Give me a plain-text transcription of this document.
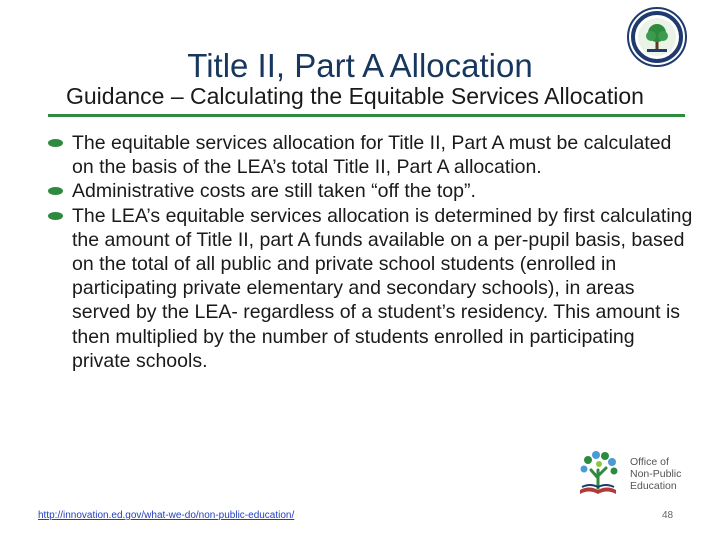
Title II, Part A Allocation
Guidance – Calculating the Equitable Services Allocation
The equitable services allocation for Title II, Part A must be calculated on the basis of the LEA’s total Title II, Part A allocation.
Administrative costs are still taken “off the top”.
The LEA’s equitable services allocation is determined by first calculating the amount of Title II, part A funds available on a per-pupil basis, based on the total of all public and private school students (enrolled in participating private elementary and secondary schools), in areas served by the LEA- regardless of a student’s residency. This amount is then multiplied by the number of students enrolled in participating private schools.
Office of
Non-Public
Education
http://innovation.ed.gov/what-we-do/non-public-education/	48
